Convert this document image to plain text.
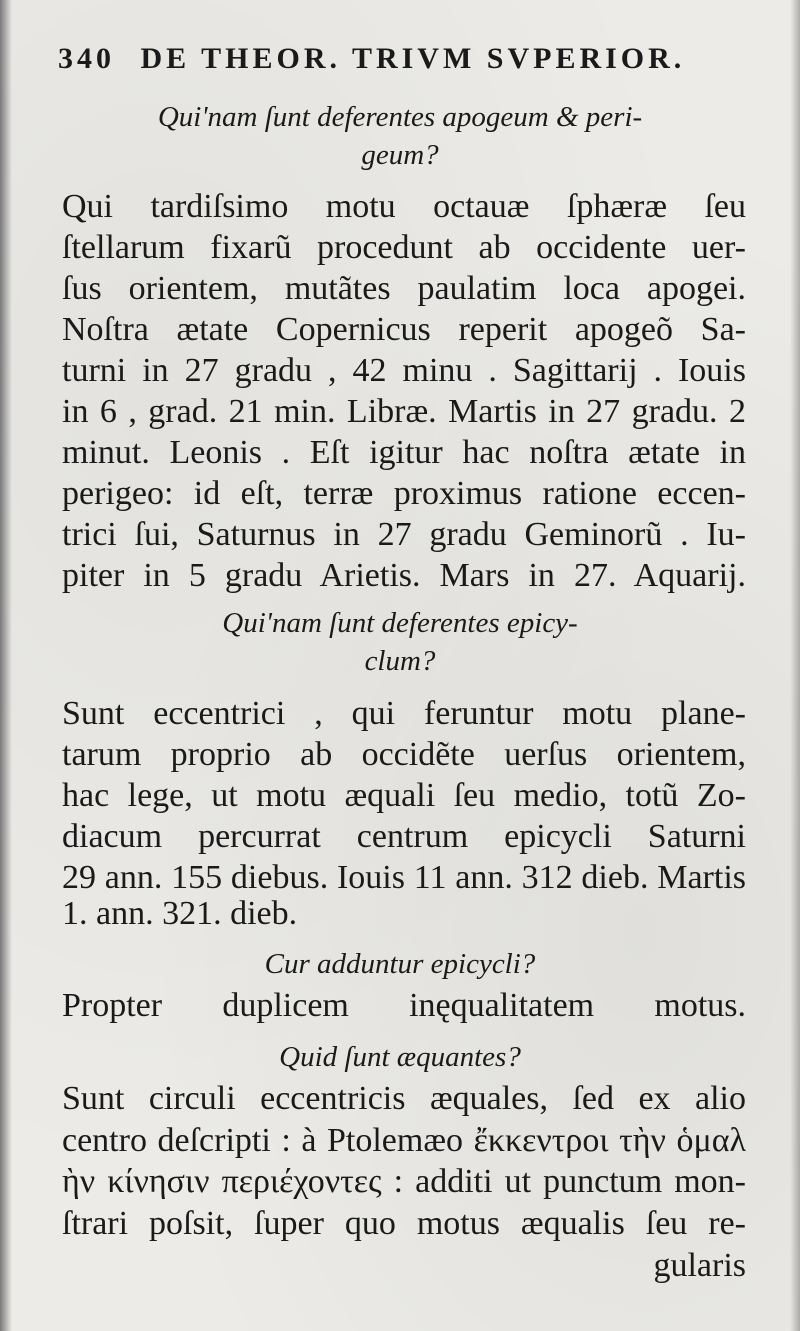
340 DE THEOR. TRIVM SVPERIOR.
Qui'nam ſunt deferentes apogeum & peri-
geum?
Qui tardiſsimo motu octauæ ſphæræ ſeu
ſtellarum fixarũ procedunt ab occidente uer-
ſus orientem, mutãtes paulatim loca apogei.
Noſtra ætate Copernicus reperit apogeõ Sa-
turni in 27 gradu , 42 minu . Sagittarij . Iouis
in 6 , grad. 21 min. Libræ. Martis in 27 gradu. 2
minut. Leonis . Eſt igitur hac noſtra ætate in
perigeo: id eſt, terræ proximus ratione eccen-
trici ſui, Saturnus in 27 gradu Geminorũ . Iu-
piter in 5 gradu Arietis. Mars in 27. Aquarij.
Qui'nam ſunt deferentes epicy-
clum?
Sunt eccentrici , qui feruntur motu plane-
tarum proprio ab occidẽte uerſus orientem,
hac lege, ut motu æquali ſeu medio, totũ Zo-
diacum percurrat centrum epicycli Saturni
29 ann. 155 diebus. Iouis 11 ann. 312 dieb. Martis
1. ann. 321. dieb.
Cur adduntur epicycli?
Propter duplicem inęqualitatem motus.
Quid ſunt æquantes?
Sunt circuli eccentricis æquales, ſed ex alio
centro deſcripti : à Ptolemæo ἔκκεντροι τὴν ὁμαλ
ὴν κίνησιν περιέχοντες : additi ut punctum mon-
ſtrari poſsit, ſuper quo motus æqualis ſeu re-
gularis
